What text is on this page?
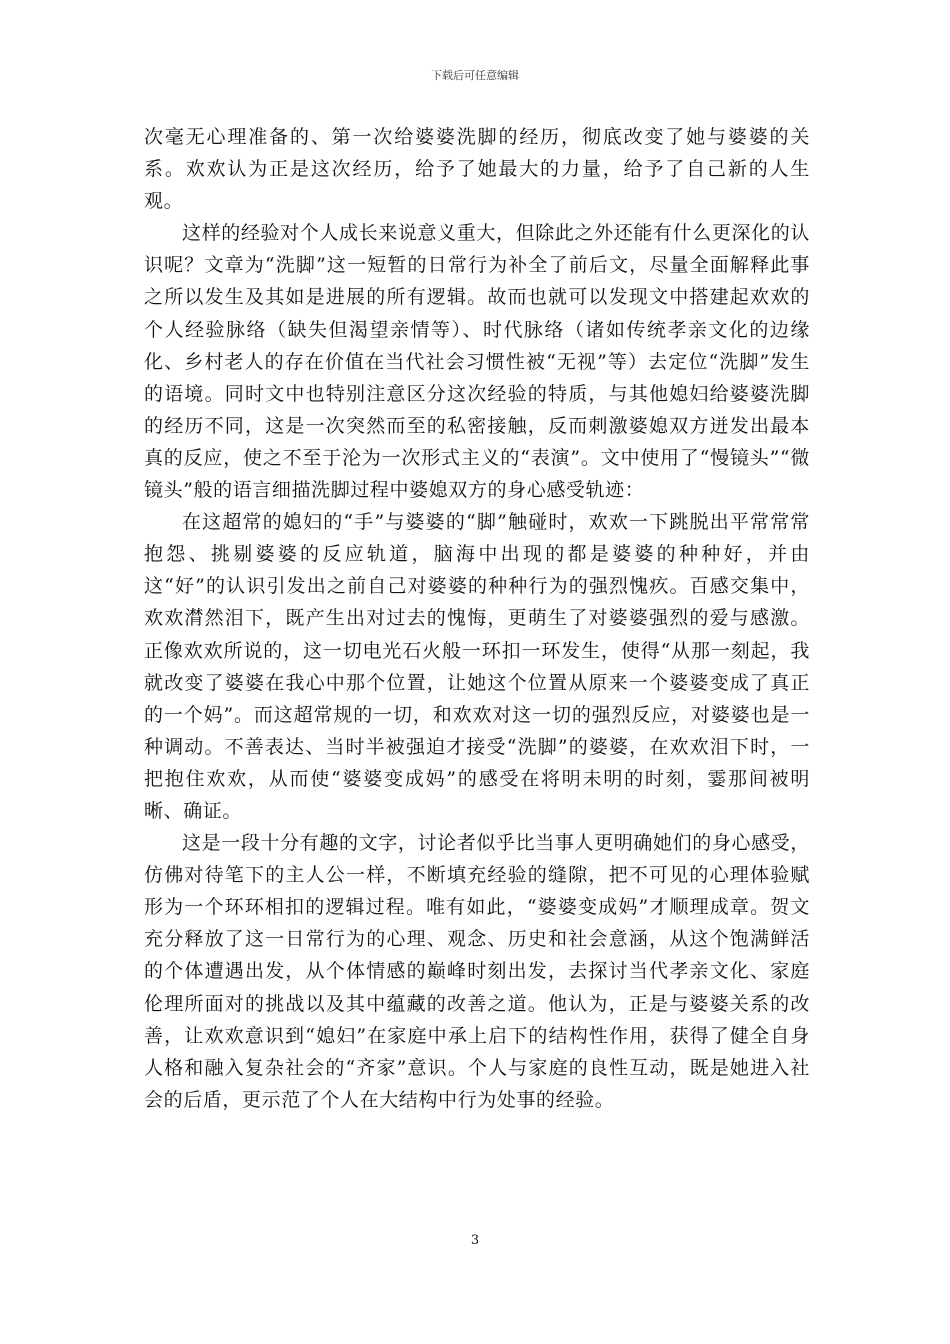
下载后可任意编辑

次毫无心理准备的、第一次给婆婆洗脚的经历，彻底改变了她与婆婆的关系。欢欢认为正是这次经历，给予了她最大的力量，给予了自己新的人生观。

这样的经验对个人成长来说意义重大，但除此之外还能有什么更深化的认识呢？文章为“洗脚”这一短暂的日常行为补全了前后文，尽量全面解释此事之所以发生及其如是进展的所有逻辑。故而也就可以发现文中搭建起欢欢的个人经验脉络（缺失但渴望亲情等）、时代脉络（诸如传统孝亲文化的边缘化、乡村老人的存在价值在当代社会习惯性被“无视”等）去定位“洗脚”发生的语境。同时文中也特别注意区分这次经验的特质，与其他媳妇给婆婆洗脚的经历不同，这是一次突然而至的私密接触，反而刺激婆媳双方迸发出最本真的反应，使之不至于沦为一次形式主义的“表演”。文中使用了“慢镜头”“微镜头”般的语言细描洗脚过程中婆媳双方的身心感受轨迹：

在这超常的媳妇的“手”与婆婆的“脚”触碰时，欢欢一下跳脱出平常常常抱怨、挑剔婆婆的反应轨道，脑海中出现的都是婆婆的种种好，并由这“好”的认识引发出之前自己对婆婆的种种行为的强烈愧疚。百感交集中，欢欢潸然泪下，既产生出对过去的愧悔，更萌生了对婆婆强烈的爱与感激。正像欢欢所说的，这一切电光石火般一环扣一环发生，使得“从那一刻起，我就改变了婆婆在我心中那个位置，让她这个位置从原来一个婆婆变成了真正的一个妈”。而这超常规的一切，和欢欢对这一切的强烈反应，对婆婆也是一种调动。不善表达、当时半被强迫才接受“洗脚”的婆婆，在欢欢泪下时，一把抱住欢欢，从而使“婆婆变成妈”的感受在将明未明的时刻，霎那间被明晰、确证。

这是一段十分有趣的文字，讨论者似乎比当事人更明确她们的身心感受，仿佛对待笔下的主人公一样，不断填充经验的缝隙，把不可见的心理体验赋形为一个环环相扣的逻辑过程。唯有如此，“婆婆变成妈”才顺理成章。贺文充分释放了这一日常行为的心理、观念、历史和社会意涵，从这个饱满鲜活的个体遭遇出发，从个体情感的巅峰时刻出发，去探讨当代孝亲文化、家庭伦理所面对的挑战以及其中蕴藏的改善之道。他认为，正是与婆婆关系的改善，让欢欢意识到“媳妇”在家庭中承上启下的结构性作用，获得了健全自身人格和融入复杂社会的“齐家”意识。个人与家庭的良性互动，既是她进入社会的后盾，更示范了个人在大结构中行为处事的经验。

3
